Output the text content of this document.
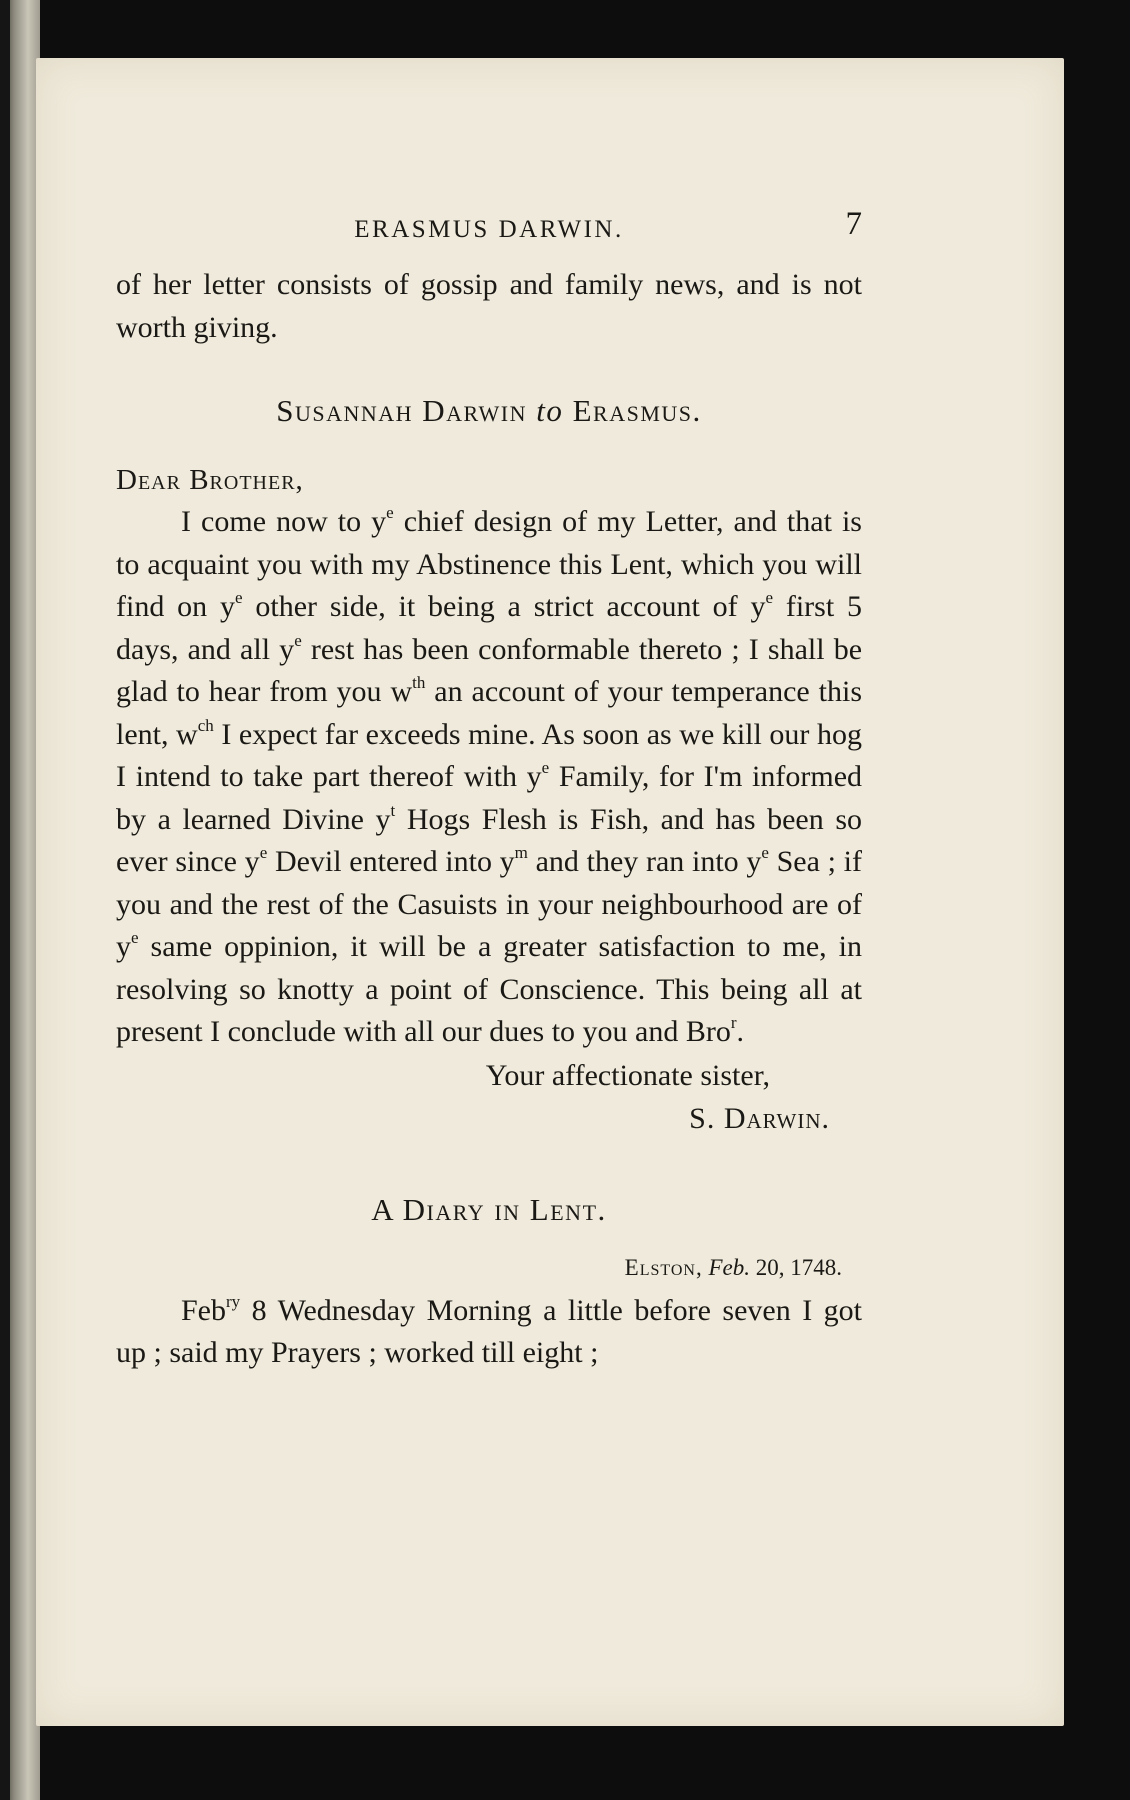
ERASMUS DARWIN.	7

of her letter consists of gossip and family news, and is not worth giving.

Susannah Darwin to Erasmus.

Dear Brother,

I come now to $y^e$ chief design of my Letter, and that is to acquaint you with my Abstinence this Lent, which you will find on $y^e$ other side, it being a strict account of $y^e$ first 5 days, and all $y^e$ rest has been conformable thereto ; I shall be glad to hear from you $w^{th}$ an account of your temperance this lent, $w^{ch}$ I expect far exceeds mine. As soon as we kill our hog I intend to take part thereof with $y^e$ Family, for I'm informed by a learned Divine $y^t$ Hogs Flesh is Fish, and has been so ever since $y^e$ Devil entered into $y^m$ and they ran into $y^e$ Sea ; if you and the rest of the Casuists in your neighbourhood are of $y^e$ same oppinion, it will be a greater satisfaction to me, in resolving so knotty a point of Conscience. This being all at present I conclude with all our dues to you and Bro$^r$.

Your affectionate sister,

S. Darwin.

A Diary in Lent.

Elston, Feb. 20, 1748.

Feb$^{ry}$ 8 Wednesday Morning a little before seven I got up ; said my Prayers ; worked till eight ;
